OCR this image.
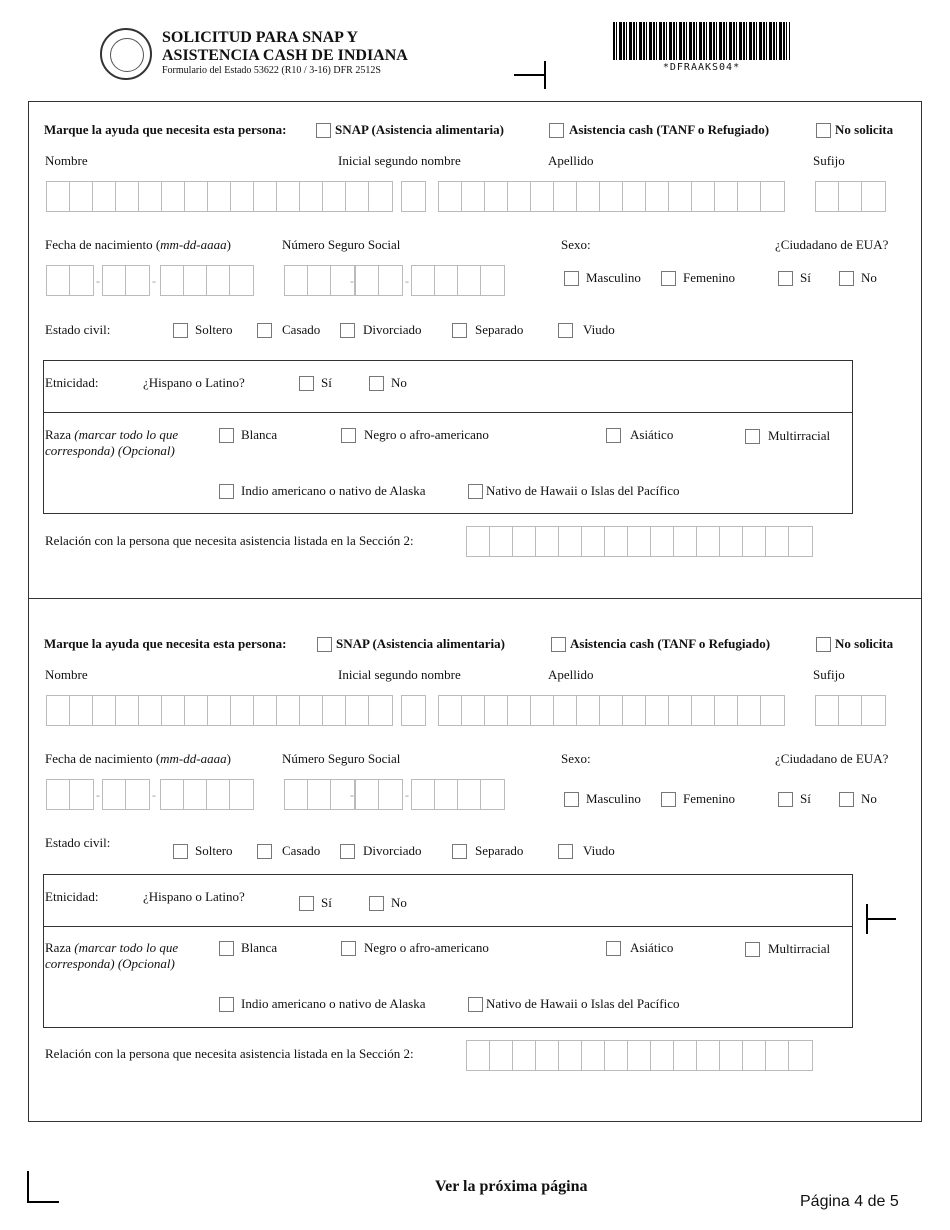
SOLICITUD PARA SNAP Y
ASISTENCIA CASH DE INDIANA
Formulario del Estado 53622 (R10 / 3-16) DFR 2512S	*DFRAAKS04*
Marque la ayuda que necesita esta persona:	SNAP (Asistencia alimentaria)	Asistencia cash (TANF o Refugiado)	No solicita
Nombre	Inicial segundo nombre	Apellido	Sufijo
Fecha de nacimiento (mm-dd-aaaa)	Número Seguro Social	Sexo:	¿Ciudadano de EUA?
-	-	-	-	Masculino	Femenino	Sí	No
Estado civil:	Soltero	Casado	Divorciado	Separado	Viudo
Etnicidad:	¿Hispano o Latino?	Sí	No
Raza (marcar todo lo que
corresponda) (Opcional)
Blanca	Negro o afro-americano	Asiático	Multirracial
Indio americano o nativo de Alaska	Nativo de Hawaii o Islas del Pacífico
Relación con la persona que necesita asistencia listada en la Sección 2:
Marque la ayuda que necesita esta persona:	SNAP (Asistencia alimentaria)	Asistencia cash (TANF o Refugiado)	No solicita
Nombre	Inicial segundo nombre	Apellido	Sufijo
Fecha de nacimiento (mm-dd-aaaa)	Número Seguro Social	Sexo:	¿Ciudadano de EUA?
-	-	-	-	Masculino	Femenino	Sí	No
Estado civil:
Soltero	Casado	Divorciado	Separado	Viudo
Etnicidad:	¿Hispano o Latino?	Sí	No
Raza (marcar todo lo que
corresponda) (Opcional)
Blanca	Negro o afro-americano	Asiático	Multirracial
Indio americano o nativo de Alaska	Nativo de Hawaii o Islas del Pacífico
Relación con la persona que necesita asistencia listada en la Sección 2:
Ver la próxima página
Página 4 de 5
